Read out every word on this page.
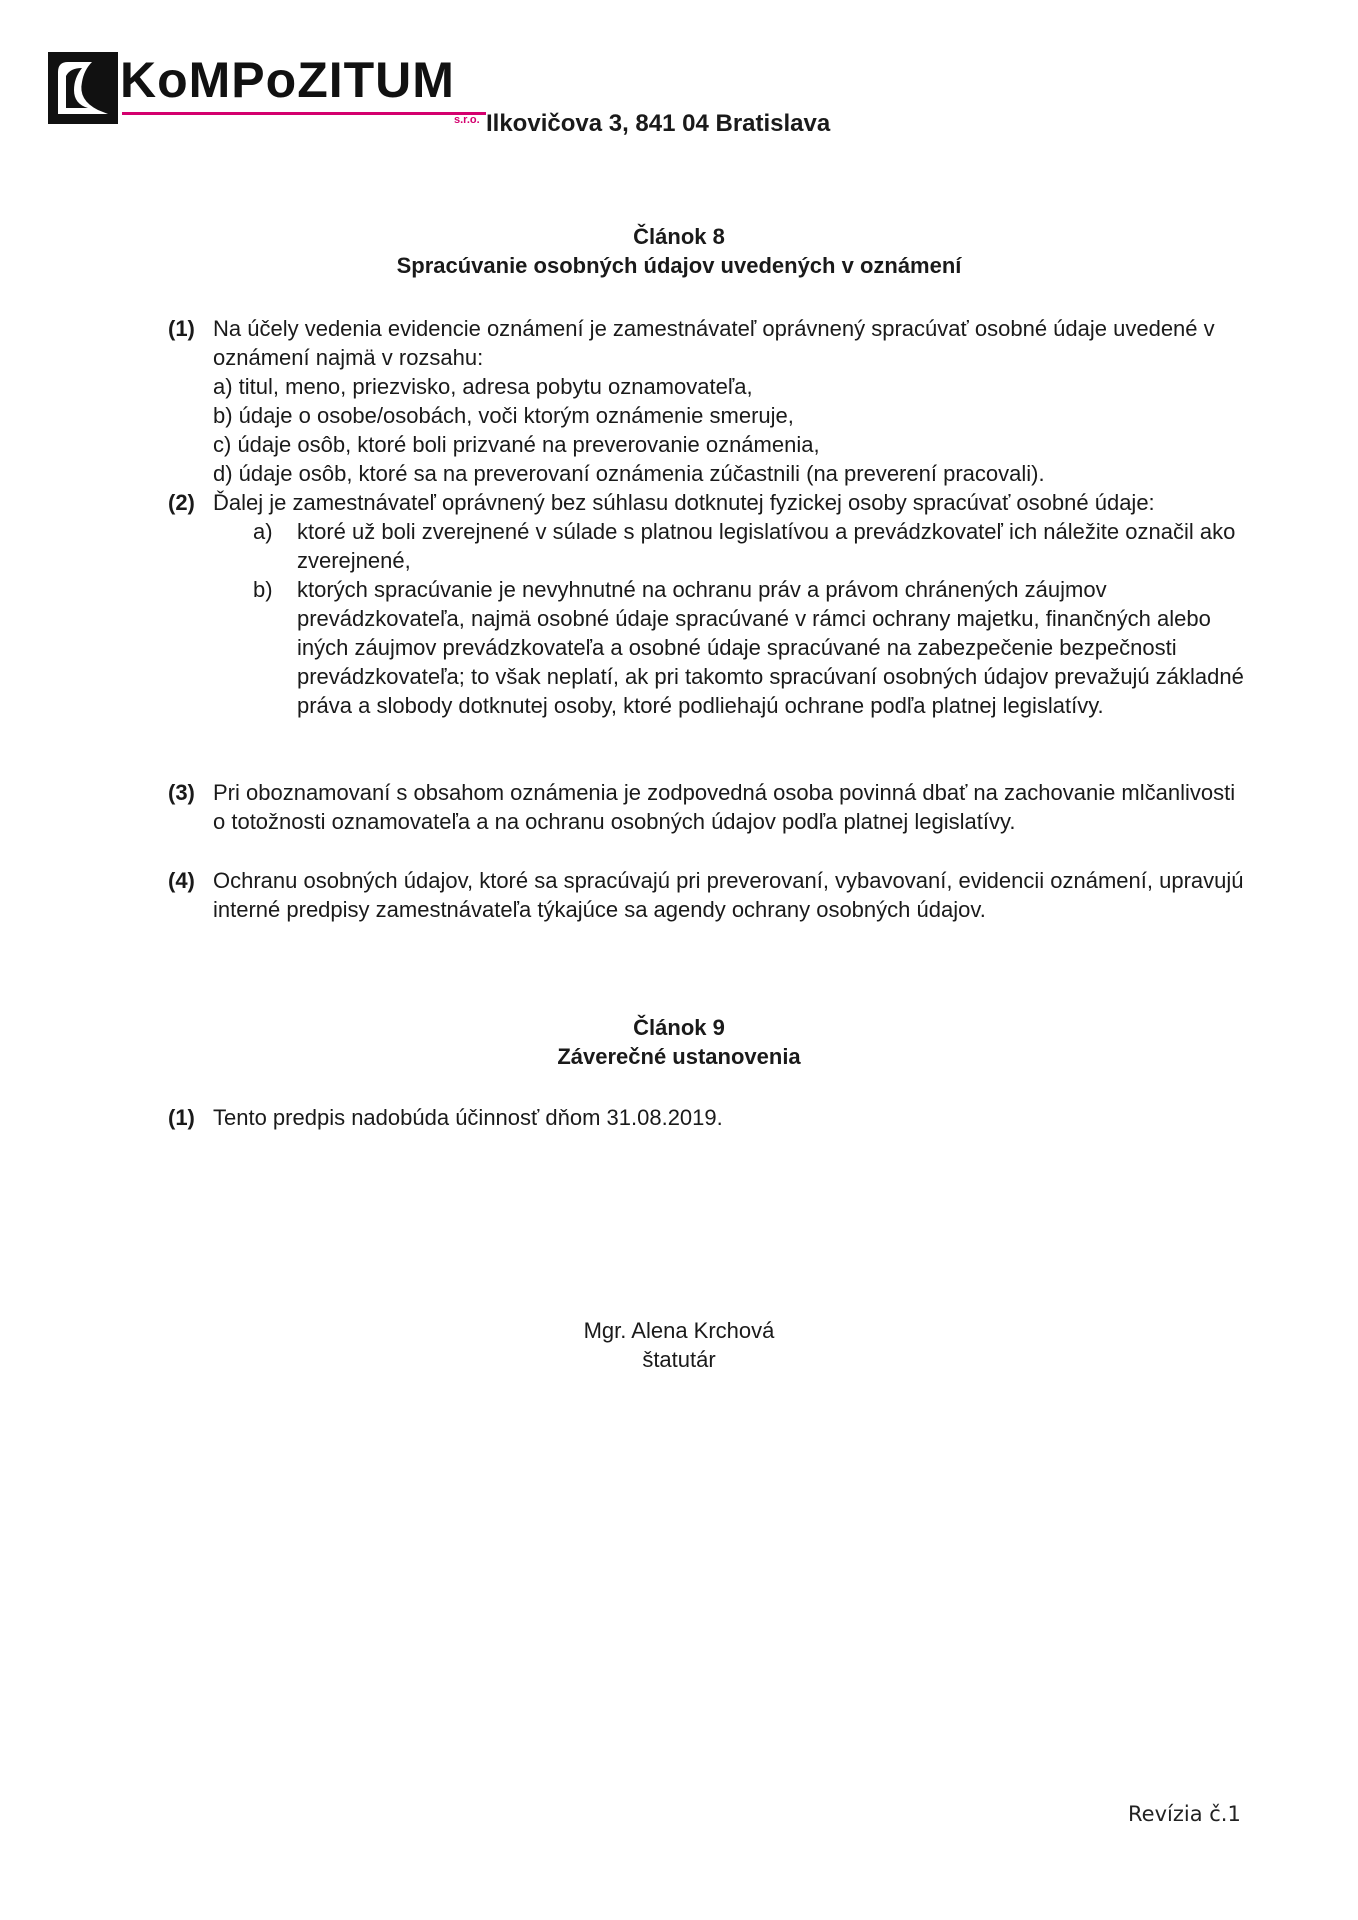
KoMPoZITUM
s.r.o. Ilkovičova 3, 841 04 Bratislava
Článok 8
Spracúvanie osobných údajov uvedených v oznámení
(1) Na účely vedenia evidencie oznámení je zamestnávateľ oprávnený spracúvať osobné údaje uvedené v oznámení najmä v rozsahu:
a) titul, meno, priezvisko, adresa pobytu oznamovateľa,
b) údaje o osobe/osobách, voči ktorým oznámenie smeruje,
c) údaje osôb, ktoré boli prizvané na preverovanie oznámenia,
d) údaje osôb, ktoré sa na preverovaní oznámenia zúčastnili (na preverení pracovali).
(2) Ďalej je zamestnávateľ oprávnený bez súhlasu dotknutej fyzickej osoby spracúvať osobné údaje:
a) ktoré už boli zverejnené v súlade s platnou legislatívou a prevádzkovateľ ich náležite označil ako zverejnené,
b) ktorých spracúvanie je nevyhnutné na ochranu práv a právom chránených záujmov prevádzkovateľa, najmä osobné údaje spracúvané v rámci ochrany majetku, finančných alebo iných záujmov prevádzkovateľa a osobné údaje spracúvané na zabezpečenie bezpečnosti prevádzkovateľa; to však neplatí, ak pri takomto spracúvaní osobných údajov prevažujú základné práva a slobody dotknutej osoby, ktoré podliehajú ochrane podľa platnej legislatívy.
(3) Pri oboznamovaní s obsahom oznámenia je zodpovedná osoba povinná dbať na zachovanie mlčanlivosti o totožnosti oznamovateľa a na ochranu osobných údajov podľa platnej legislatívy.
(4) Ochranu osobných údajov, ktoré sa spracúvajú pri preverovaní, vybavovaní, evidencii oznámení, upravujú interné predpisy zamestnávateľa týkajúce sa agendy ochrany osobných údajov.
Článok 9
Záverečné ustanovenia
(1) Tento predpis nadobúda účinnosť dňom 31.08.2019.
Mgr. Alena Krchová
štatutár
Revízia č.1
